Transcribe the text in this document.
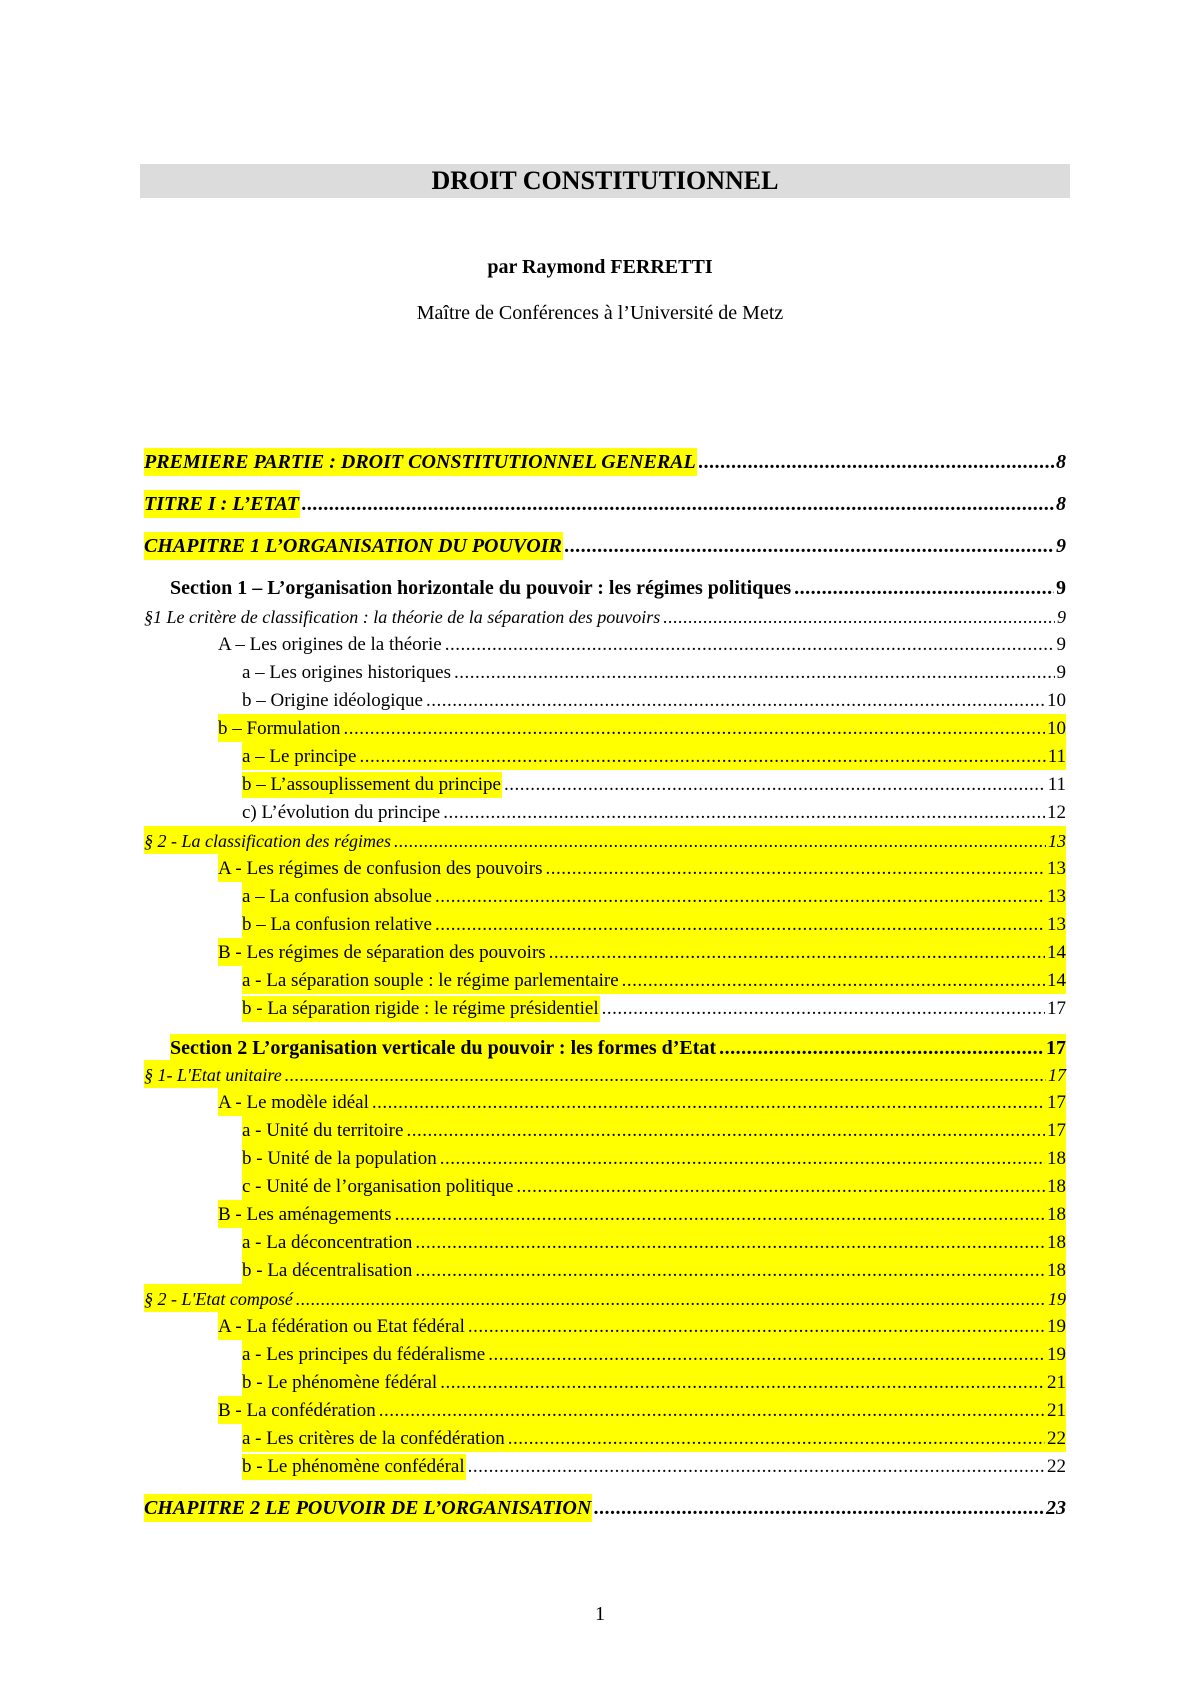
DROIT CONSTITUTIONNEL
par Raymond FERRETTI
Maître de Conférences à l’Université de Metz
PREMIERE PARTIE : DROIT CONSTITUTIONNEL GENERAL .....	8
TITRE I : L’ETAT .....	8
CHAPITRE 1 L’ORGANISATION DU POUVOIR .....	9
Section 1 – L’organisation horizontale du pouvoir : les régimes politiques .....	9
§1 Le critère de classification : la théorie de la séparation des pouvoirs .....	9
A – Les origines de la théorie .....	9
a – Les origines historiques .....	9
b – Origine idéologique .....	10
b – Formulation .....	10
a – Le principe .....	11
b – L’assouplissement du principe .....	11
c) L’évolution du principe .....	12
§ 2 - La classification des régimes .....	13
A - Les régimes de confusion des pouvoirs .....	13
a – La confusion absolue .....	13
b – La confusion relative .....	13
B - Les régimes de séparation des pouvoirs .....	14
a - La séparation souple : le régime parlementaire .....	14
b - La séparation rigide : le régime présidentiel .....	17
Section 2 L’organisation verticale du pouvoir : les formes d’Etat .....	17
§ 1- L'Etat unitaire .....	17
A - Le modèle idéal .....	17
a - Unité du territoire .....	17
b - Unité de la population .....	18
c - Unité de l’organisation politique .....	18
B - Les aménagements .....	18
a - La déconcentration .....	18
b - La décentralisation .....	18
§ 2 - L'Etat composé .....	19
A - La fédération ou Etat fédéral .....	19
a - Les principes du fédéralisme .....	19
b - Le phénomène fédéral .....	21
B - La confédération .....	21
a - Les critères de la confédération .....	22
b - Le phénomène confédéral .....	22
CHAPITRE 2 LE POUVOIR DE L’ORGANISATION .....	23
1
